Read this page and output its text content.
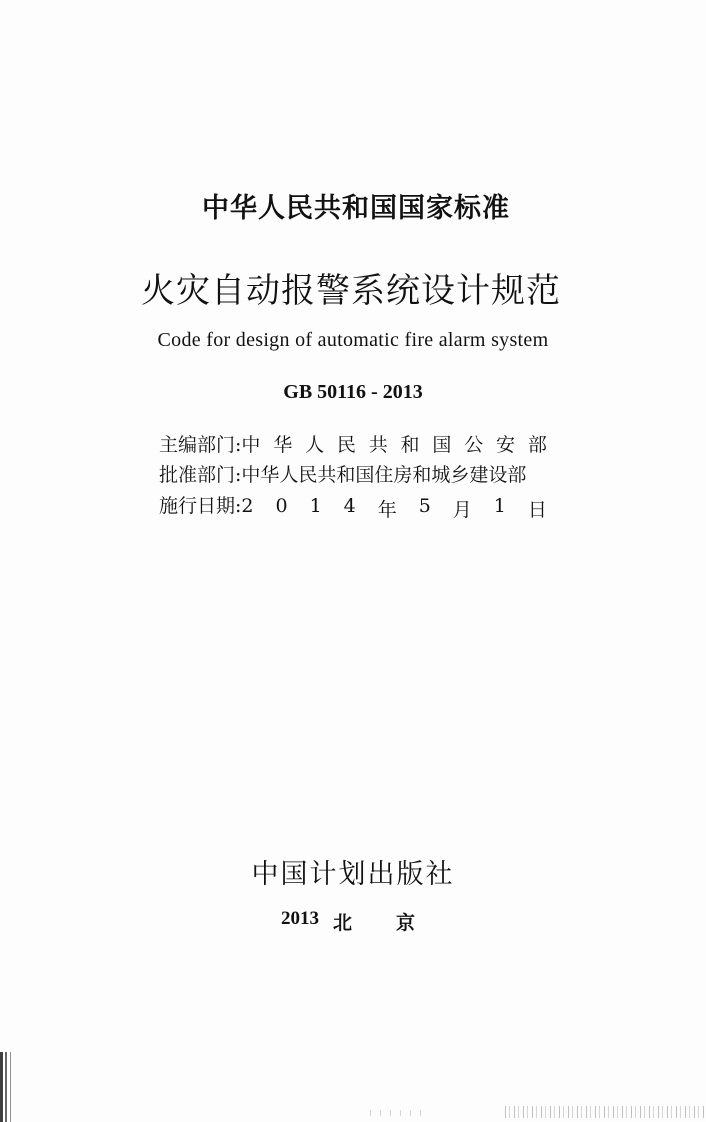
中华人民共和国国家标准
火灾自动报警系统设计规范
Code for design of automatic fire alarm system
GB 50116 - 2013
主编部门: 中 华 人 民 共 和 国 公 安 部
批准部门: 中华人民共和国住房和城乡建设部
施行日期: 2 0 1 4 年 5 月 1 日
中国计划出版社
2013 北 京
